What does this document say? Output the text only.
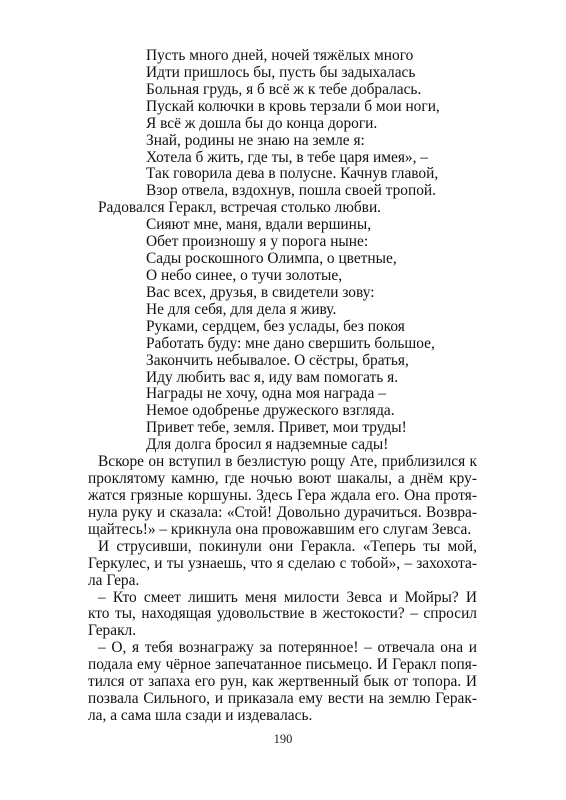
Пусть много дней, ночей тяжёлых много
Идти пришлось бы, пусть бы задыхалась
Больная грудь, я б всё ж к тебе добралась.
Пускай колючки в кровь терзали б мои ноги,
Я всё ж дошла бы до конца дороги.
Знай, родины не знаю на земле я:
Хотела б жить, где ты, в тебе царя имея», –
Так говорила дева в полусне. Качнув главой,
Взор отвела, вздохнув, пошла своей тропой.
Радовался Геракл, встречая столько любви.
Сияют мне, маня, вдали вершины,
Обет произношу я у порога ныне:
Сады роскошного Олимпа, о цветные,
О небо синее, о тучи золотые,
Вас всех, друзья, в свидетели зову:
Не для себя, для дела я живу.
Руками, сердцем, без услады, без покоя
Работать буду: мне дано свершить большое,
Закончить небывалое. О сёстры, братья,
Иду любить вас я, иду вам помогать я.
Награды не хочу, одна моя награда –
Немое одобренье дружеского взгляда.
Привет тебе, земля. Привет, мои труды!
Для долга бросил я надземные сады!
Вскоре он вступил в безлистую рощу Ате, приблизился к
проклятому камню, где ночью воют шакалы, а днём кру-
жатся грязные коршуны. Здесь Гера ждала его. Она протя-
нула руку и сказала: «Стой! Довольно дурачиться. Возвра-
щайтесь!» – крикнула она провожавшим его слугам Зевса.
И струсивши, покинули они Геракла. «Теперь ты мой,
Геркулес, и ты узнаешь, что я сделаю с тобой», – захохота-
ла Гера.
– Кто смеет лишить меня милости Зевса и Мойры? И
кто ты, находящая удовольствие в жестокости? – спросил
Геракл.
– О, я тебя вознагражу за потерянное! – отвечала она и
подала ему чёрное запечатанное письмецо. И Геракл попя-
тился от запаха его рун, как жертвенный бык от топора. И
позвала Сильного, и приказала ему вести на землю Герак-
ла, а сама шла сзади и издевалась.
190
